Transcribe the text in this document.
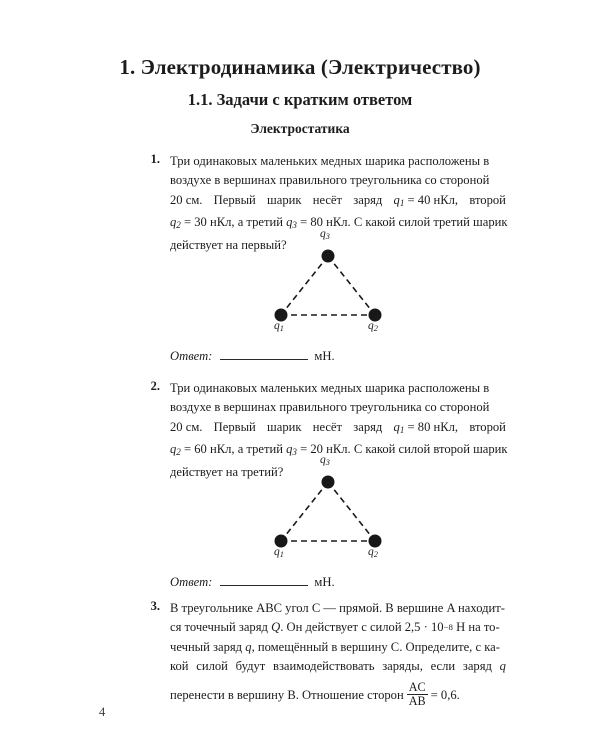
1. Электродинамика (Электричество)
1.1. Задачи с кратким ответом
Электростатика
1. Три одинаковых маленьких медных шарика расположены в
воздухе в вершинах правильного треугольника со стороной
20 см. Первый шарик несёт заряд $q_1 = 40$ нКл, второй
$q_2 = 30$ нКл, а третий
$q_3 = 80$ нКл. С какой силой третий шарик
действует на первый?
$q_3$
$q_1$	$q_2$
Ответ:	мН.
2. Три одинаковых маленьких медных шарика расположены в
воздухе в вершинах правильного треугольника со стороной
20 см. Первый шарик несёт заряд $q_1 = 80$ нКл, второй
$q_2 = 60$ нКл, а третий
$q_3 = 20$ нКл. С какой силой второй шарик
действует на третий?
$q_3$
$q_1$	$q_2$
Ответ:	мН.
3. В треугольнике ABC угол C — прямой. В вершине A находит-
ся точечный заряд
Q . Он действует с силой 2,5 · 10 −8
Н на то-
чечный заряд
q , помещённый в вершину C. Определите, с ка-
кой силой будут взаимодействовать заряды, если заряд q
перенести в вершину B. Отношение сторон $\frac{AC}{AB} = 0,6$.
4
